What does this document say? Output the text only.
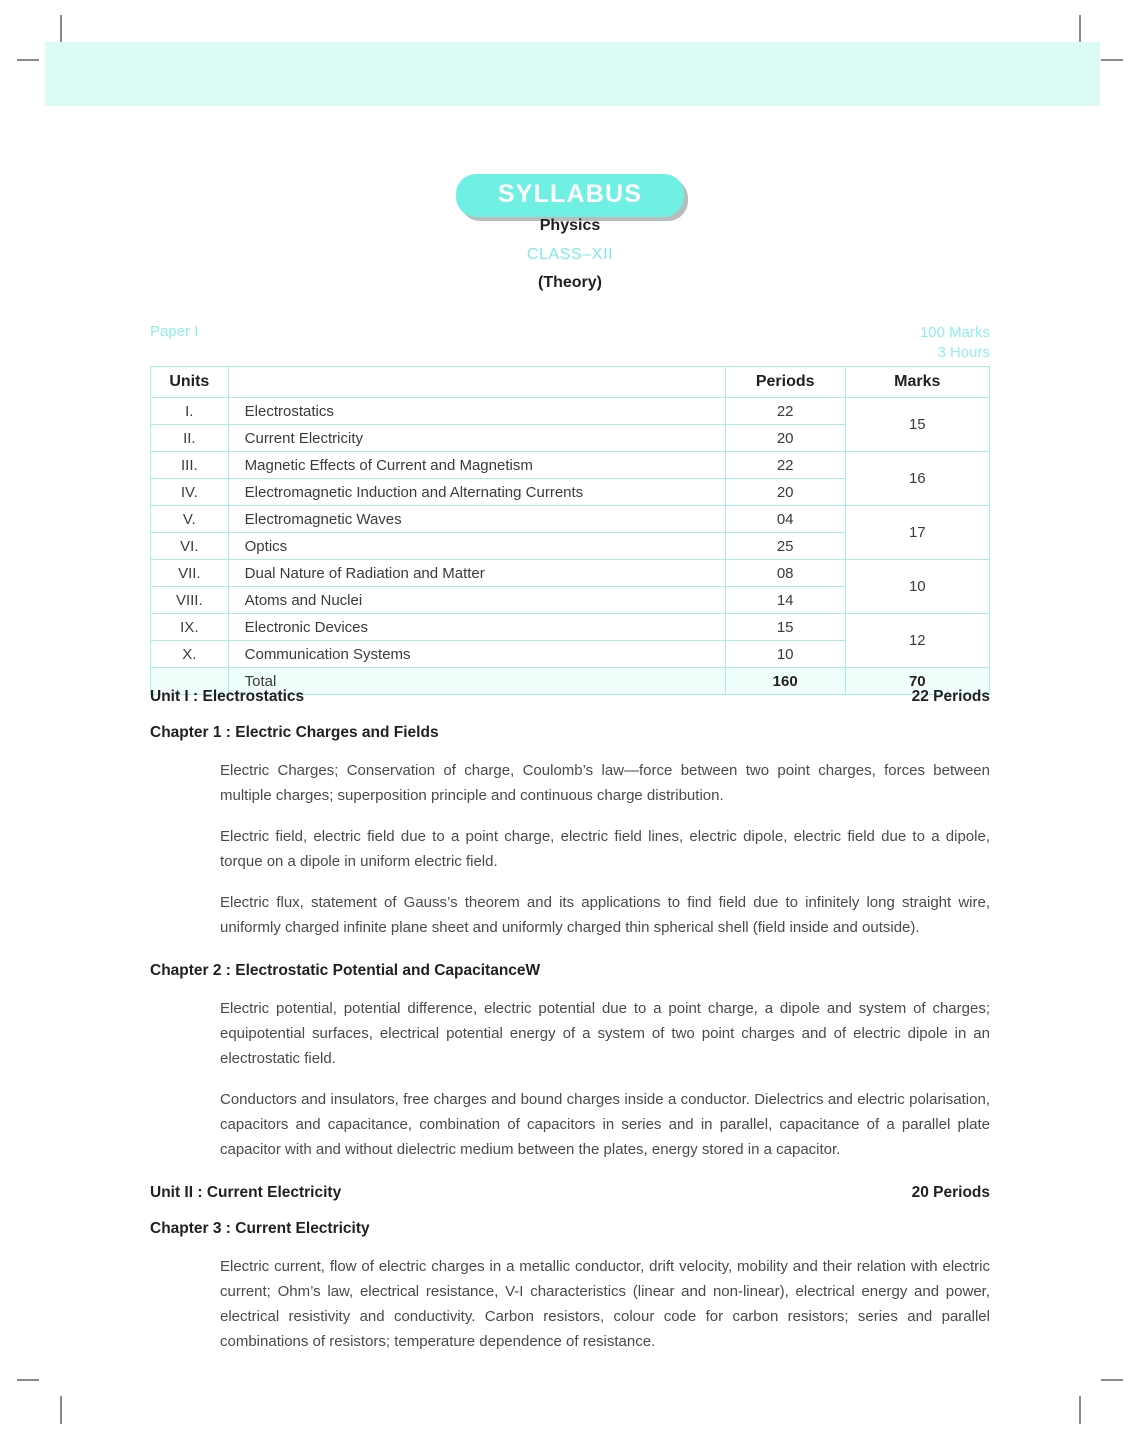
SYLLABUS
Physics
CLASS–XII
(Theory)
Paper I	100 Marks
3 Hours
Units		Periods	Marks
I.	Electrostatics	22	15
II.	Current Electricity	20	
III.	Magnetic Effects of Current and Magnetism	22	16
IV.	Electromagnetic Induction and Alternating Currents	20	
V.	Electromagnetic Waves	04	17
VI.	Optics	25	
VII.	Dual Nature of Radiation and Matter	08	10
VIII.	Atoms and Nuclei	14	
IX.	Electronic Devices	15	12
X.	Communication Systems	10	
	Total	160	70
Unit I : Electrostatics	22 Periods
Chapter 1 : Electric Charges and Fields

Electric Charges; Conservation of charge, Coulomb’s law—force between two point charges, forces between multiple charges; superposition principle and continuous charge distribution.

Electric field, electric field due to a point charge, electric field lines, electric dipole, electric field due to a dipole, torque on a dipole in uniform electric field.

Electric flux, statement of Gauss’s theorem and its applications to find field due to infinitely long straight wire, uniformly charged infinite plane sheet and uniformly charged thin spherical shell (field inside and outside).

Chapter 2 : Electrostatic Potential and CapacitanceW

Electric potential, potential difference, electric potential due to a point charge, a dipole and system of charges; equipotential surfaces, electrical potential energy of a system of two point charges and of electric dipole in an electrostatic field.

Conductors and insulators, free charges and bound charges inside a conductor. Dielectrics and electric polarisation, capacitors and capacitance, combination of capacitors in series and in parallel, capacitance of a parallel plate capacitor with and without dielectric medium between the plates, energy stored in a capacitor.

Unit II : Current Electricity	20 Periods
Chapter 3 : Current Electricity

Electric current, flow of electric charges in a metallic conductor, drift velocity, mobility and their relation with electric current; Ohm’s law, electrical resistance, V-I characteristics (linear and non-linear), electrical energy and power, electrical resistivity and conductivity. Carbon resistors, colour code for carbon resistors; series and parallel combinations of resistors; temperature dependence of resistance.
